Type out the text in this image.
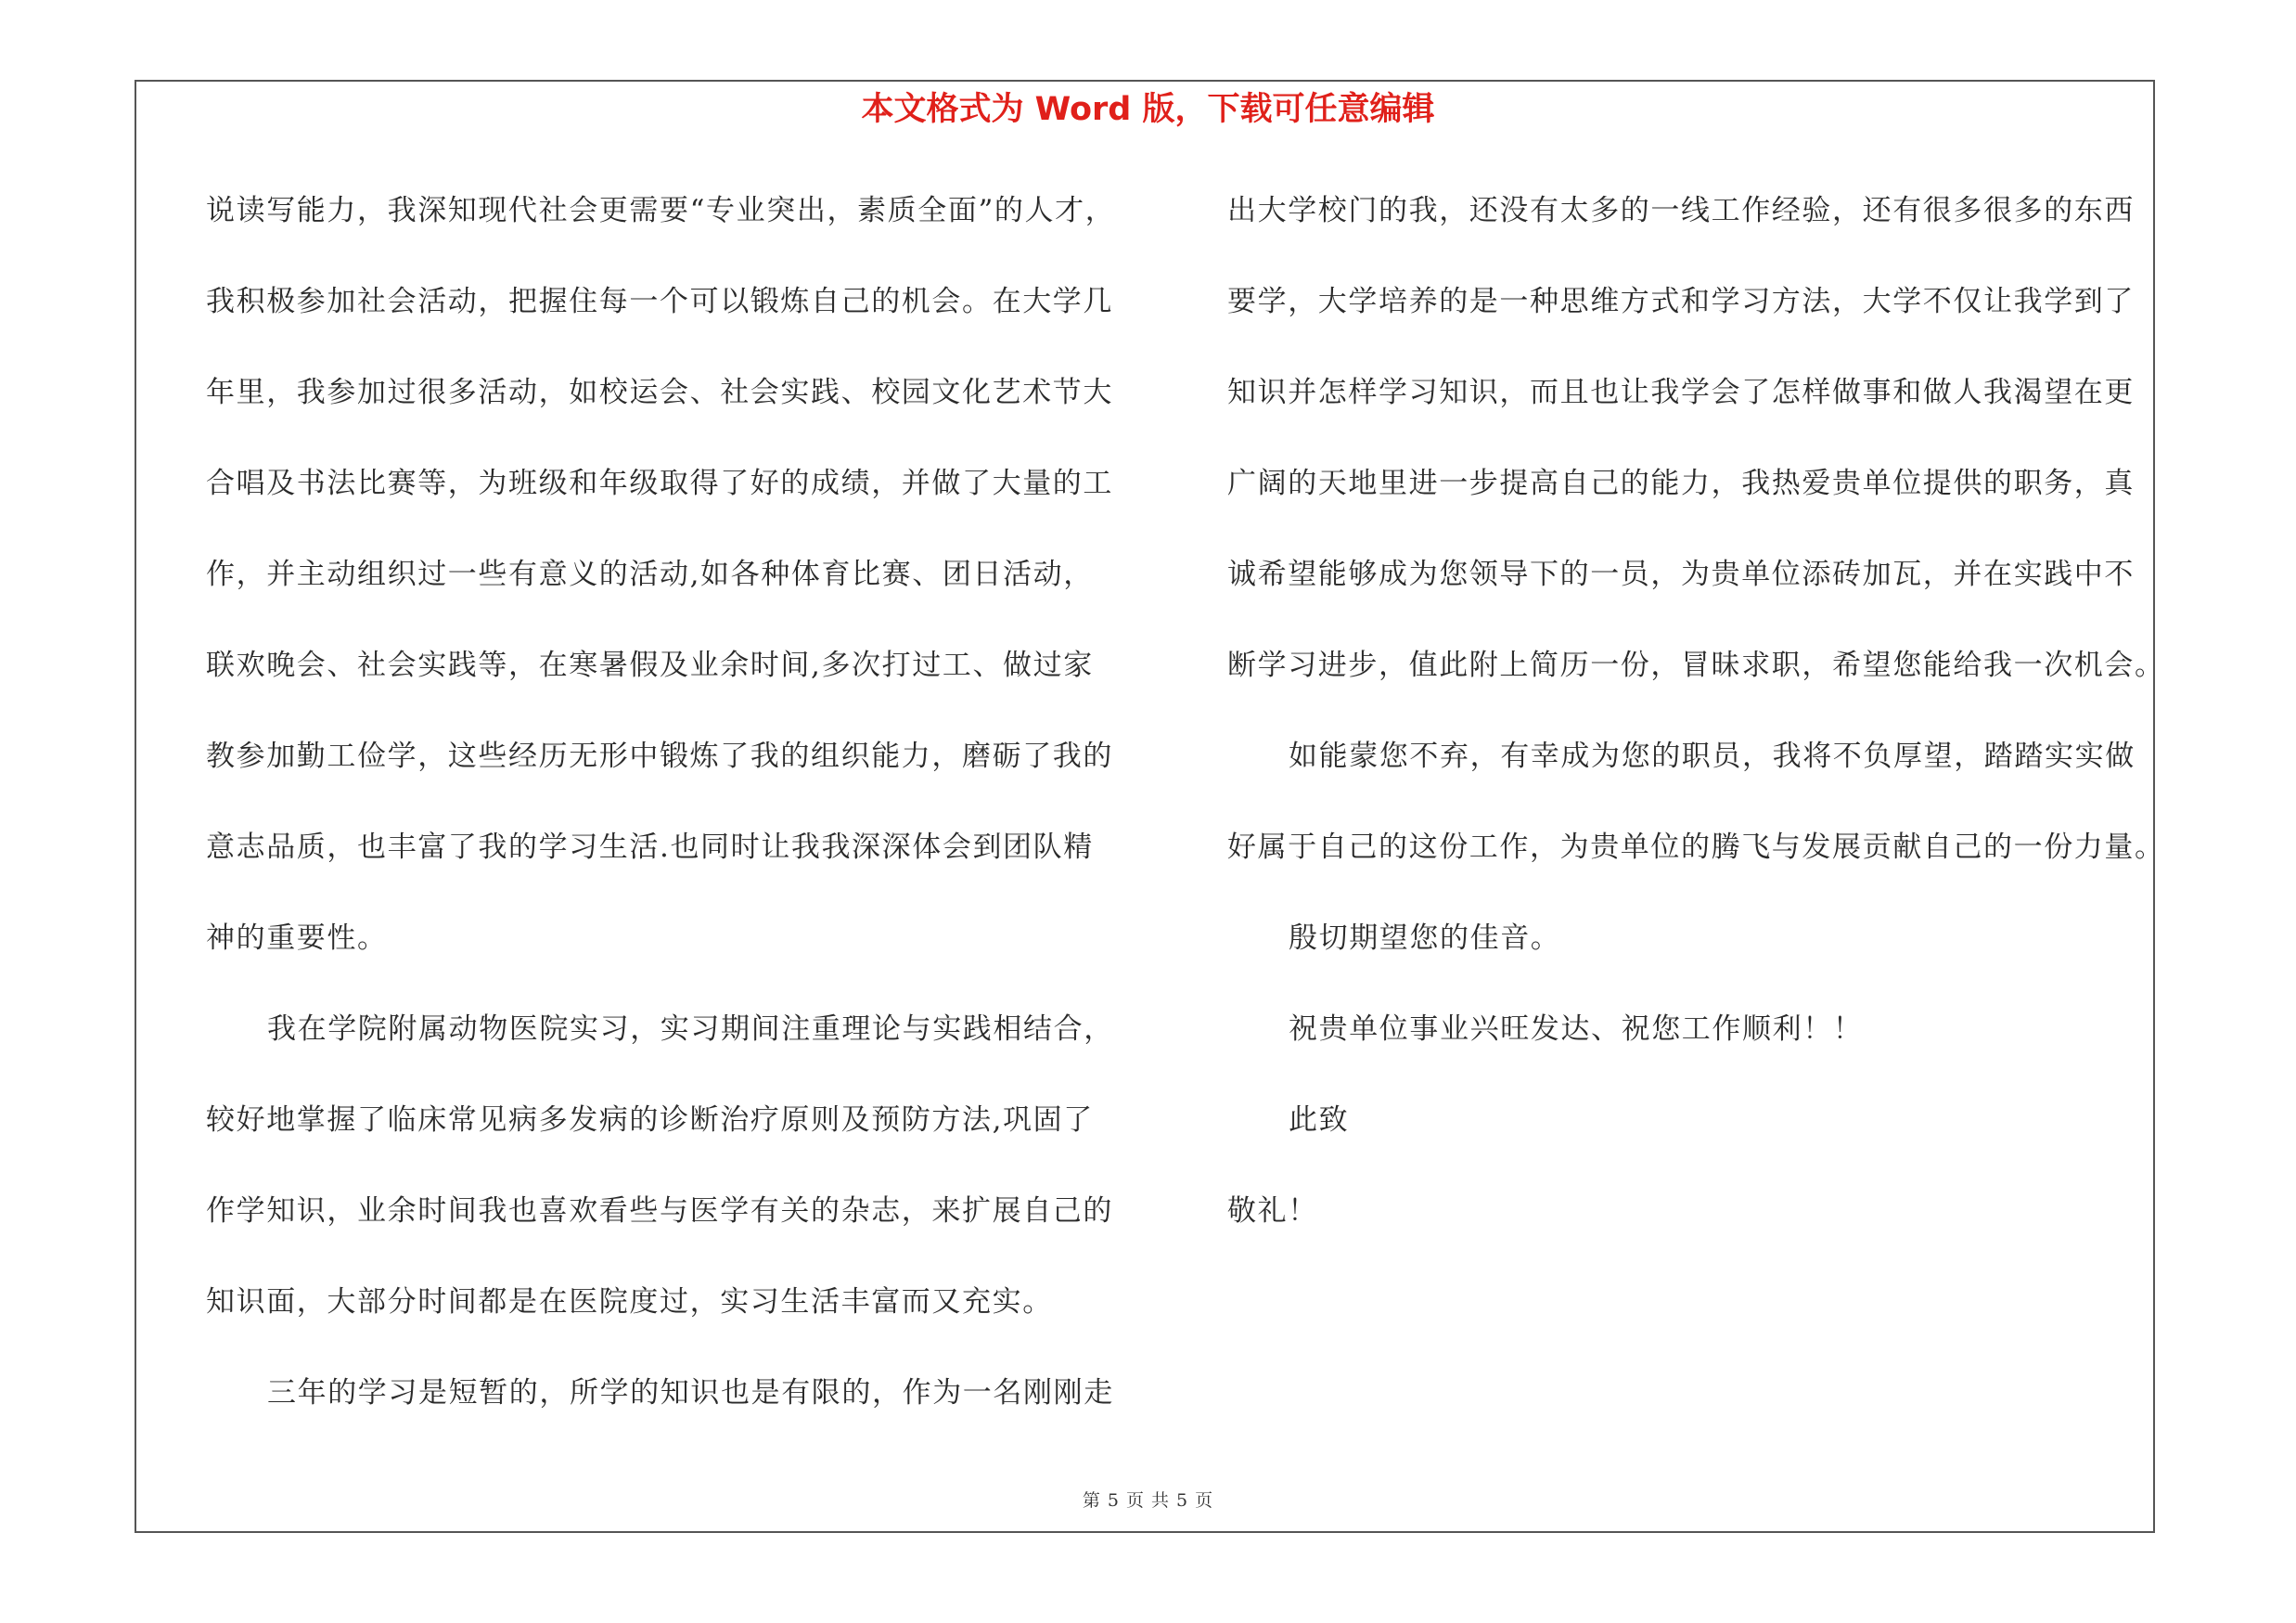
本文格式为 Word 版，下载可任意编辑
说读写能力，我深知现代社会更需要“专业突出，素质全面”的人才，
我积极参加社会活动，把握住每一个可以锻炼自己的机会。在大学几
年里，我参加过很多活动，如校运会、社会实践、校园文化艺术节大
合唱及书法比赛等，为班级和年级取得了好的成绩，并做了大量的工
作，并主动组织过一些有意义的活动,如各种体育比赛、团日活动，
联欢晚会、社会实践等，在寒暑假及业余时间,多次打过工、做过家
教参加勤工俭学，这些经历无形中锻炼了我的组织能力，磨砺了我的
意志品质，也丰富了我的学习生活.也同时让我我深深体会到团队精
神的重要性。
我在学院附属动物医院实习，实习期间注重理论与实践相结合，
较好地掌握了临床常见病多发病的诊断治疗原则及预防方法,巩固了
作学知识，业余时间我也喜欢看些与医学有关的杂志，来扩展自己的
知识面，大部分时间都是在医院度过，实习生活丰富而又充实。
三年的学习是短暂的，所学的知识也是有限的，作为一名刚刚走
出大学校门的我，还没有太多的一线工作经验，还有很多很多的东西
要学，大学培养的是一种思维方式和学习方法，大学不仅让我学到了
知识并怎样学习知识，而且也让我学会了怎样做事和做人我渴望在更
广阔的天地里进一步提高自己的能力，我热爱贵单位提供的职务，真
诚希望能够成为您领导下的一员，为贵单位添砖加瓦，并在实践中不
断学习进步，值此附上简历一份，冒昧求职，希望您能给我一次机会。
如能蒙您不弃，有幸成为您的职员，我将不负厚望，踏踏实实做
好属于自己的这份工作，为贵单位的腾飞与发展贡献自己的一份力量。
殷切期望您的佳音。
祝贵单位事业兴旺发达、祝您工作顺利！！
此致
敬礼！
第 5 页 共 5 页
